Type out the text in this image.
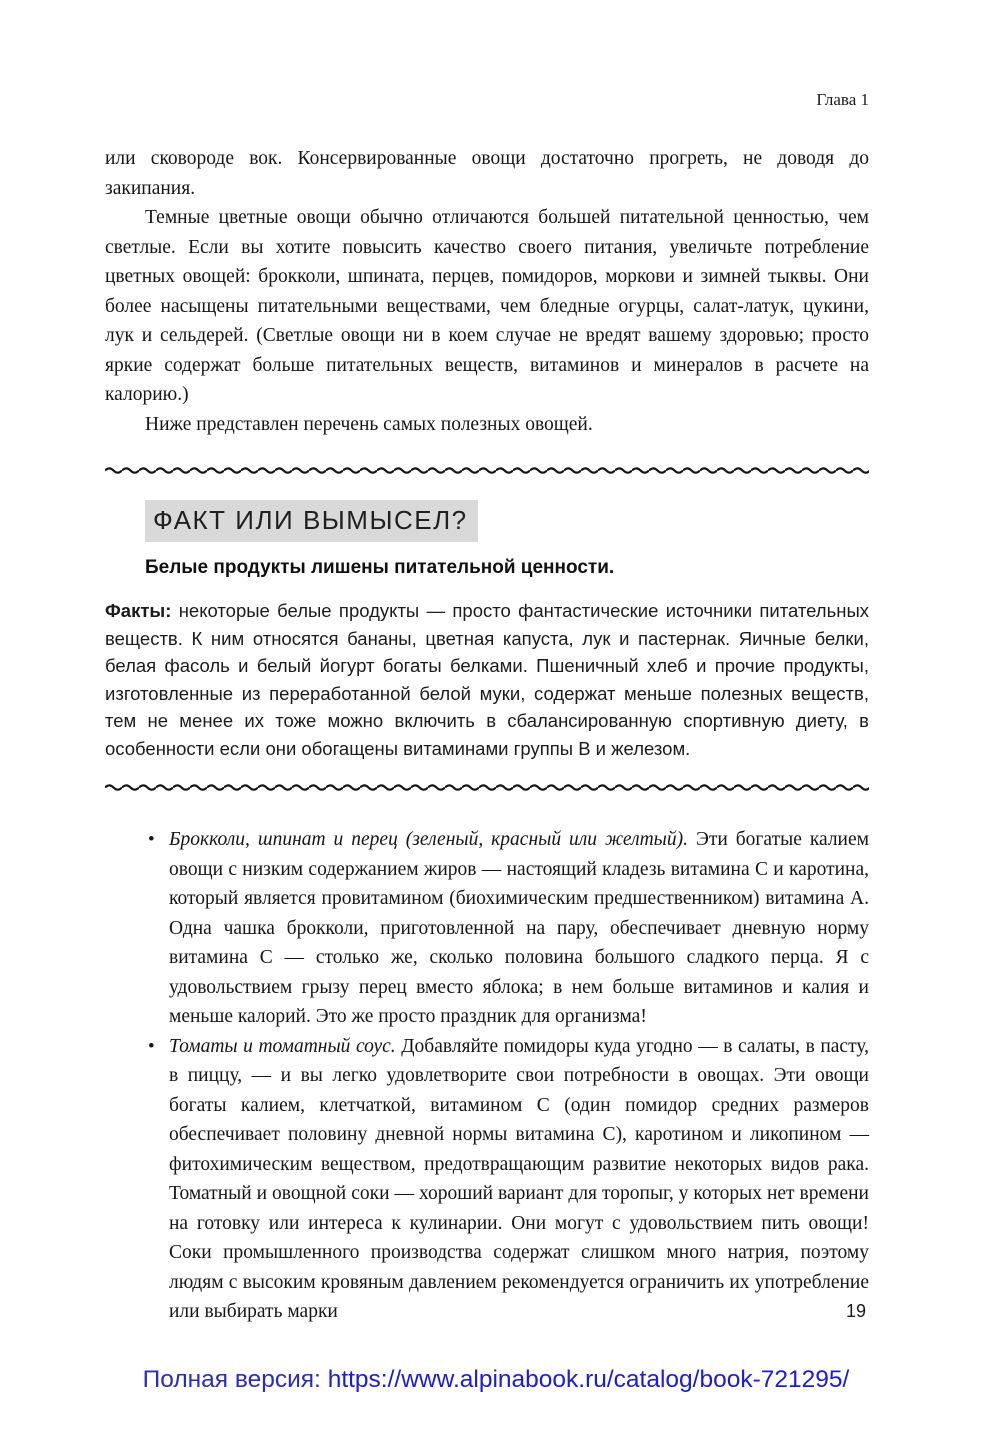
Глава 1

или сковороде вок. Консервированные овощи достаточно прогреть, не доводя до закипания.

Темные цветные овощи обычно отличаются большей питательной ценностью, чем светлые. Если вы хотите повысить качество своего питания, увеличьте потребление цветных овощей: брокколи, шпината, перцев, помидоров, моркови и зимней тыквы. Они более насыщены питательными веществами, чем бледные огурцы, салат-латук, цукини, лук и сельдерей. (Светлые овощи ни в коем случае не вредят вашему здоровью; просто яркие содержат больше питательных веществ, витаминов и минералов в расчете на калорию.)

Ниже представлен перечень самых полезных овощей.

ФАКТ ИЛИ ВЫМЫСЕЛ?

Белые продукты лишены питательной ценности.

Факты: некоторые белые продукты — просто фантастические источники питательных веществ. К ним относятся бананы, цветная капуста, лук и пастернак. Яичные белки, белая фасоль и белый йогурт богаты белками. Пшеничный хлеб и прочие продукты, изготовленные из переработанной белой муки, содержат меньше полезных веществ, тем не менее их тоже можно включить в сбалансированную спортивную диету, в особенности если они обогащены витаминами группы В и железом.

• Брокколи, шпинат и перец (зеленый, красный или желтый). Эти богатые калием овощи с низким содержанием жиров — настоящий кладезь витамина С и каротина, который является провитамином (биохимическим предшественником) витамина А. Одна чашка брокколи, приготовленной на пару, обеспечивает дневную норму витамина С — столько же, сколько половина большого сладкого перца. Я с удовольствием грызу перец вместо яблока; в нем больше витаминов и калия и меньше калорий. Это же просто праздник для организма!
• Томаты и томатный соус. Добавляйте помидоры куда угодно — в салаты, в пасту, в пиццу, — и вы легко удовлетворите свои потребности в овощах. Эти овощи богаты калием, клетчаткой, витамином С (один помидор средних размеров обеспечивает половину дневной нормы витамина С), каротином и ликопином — фитохимическим веществом, предотвращающим развитие некоторых видов рака. Томатный и овощной соки — хороший вариант для торопыг, у которых нет времени на готовку или интереса к кулинарии. Они могут с удовольствием пить овощи! Соки промышленного производства содержат слишком много натрия, поэтому людям с высоким кровяным давлением рекомендуется ограничить их употребление или выбирать марки	19
Полная версия: https://www.alpinabook.ru/catalog/book-721295/
